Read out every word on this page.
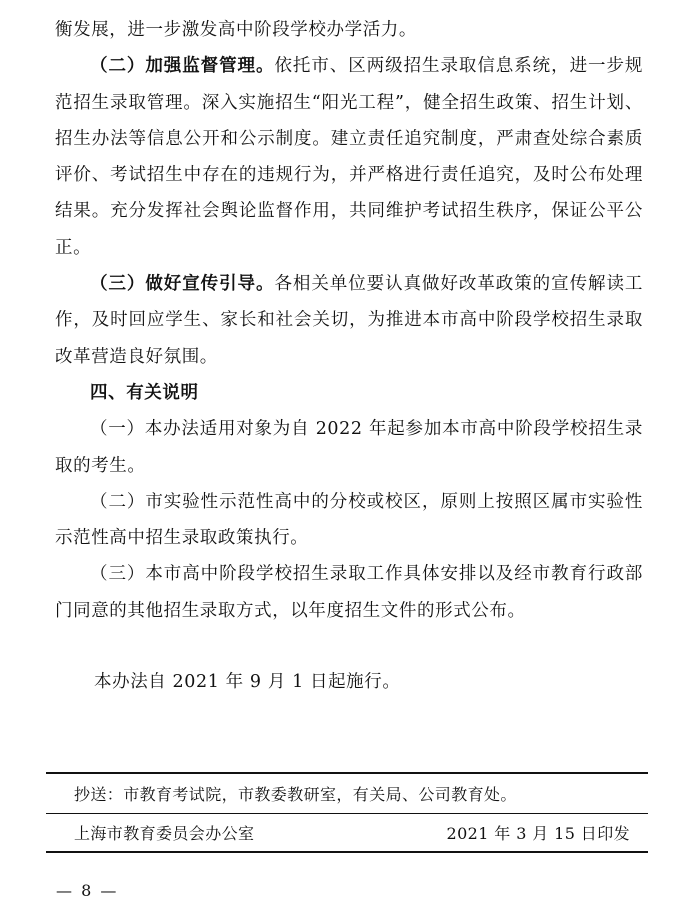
衡发展，进一步激发高中阶段学校办学活力。

（二）加强监督管理。依托市、区两级招生录取信息系统，进一步规范招生录取管理。深入实施招生“阳光工程”，健全招生政策、招生计划、招生办法等信息公开和公示制度。建立责任追究制度，严肃查处综合素质评价、考试招生中存在的违规行为，并严格进行责任追究，及时公布处理结果。充分发挥社会舆论监督作用，共同维护考试招生秩序，保证公平公正。

（三）做好宣传引导。各相关单位要认真做好改革政策的宣传解读工作，及时回应学生、家长和社会关切，为推进本市高中阶段学校招生录取改革营造良好氛围。

四、有关说明

（一）本办法适用对象为自 2022 年起参加本市高中阶段学校招生录取的考生。

（二）市实验性示范性高中的分校或校区，原则上按照区属市实验性示范性高中招生录取政策执行。

（三）本市高中阶段学校招生录取工作具体安排以及经市教育行政部门同意的其他招生录取方式，以年度招生文件的形式公布。

本办法自 2021 年 9 月 1 日起施行。
抄送：市教育考试院，市教委教研室，有关局、公司教育处。
上海市教育委员会办公室	2021 年 3 月 15 日印发
— 8 —
